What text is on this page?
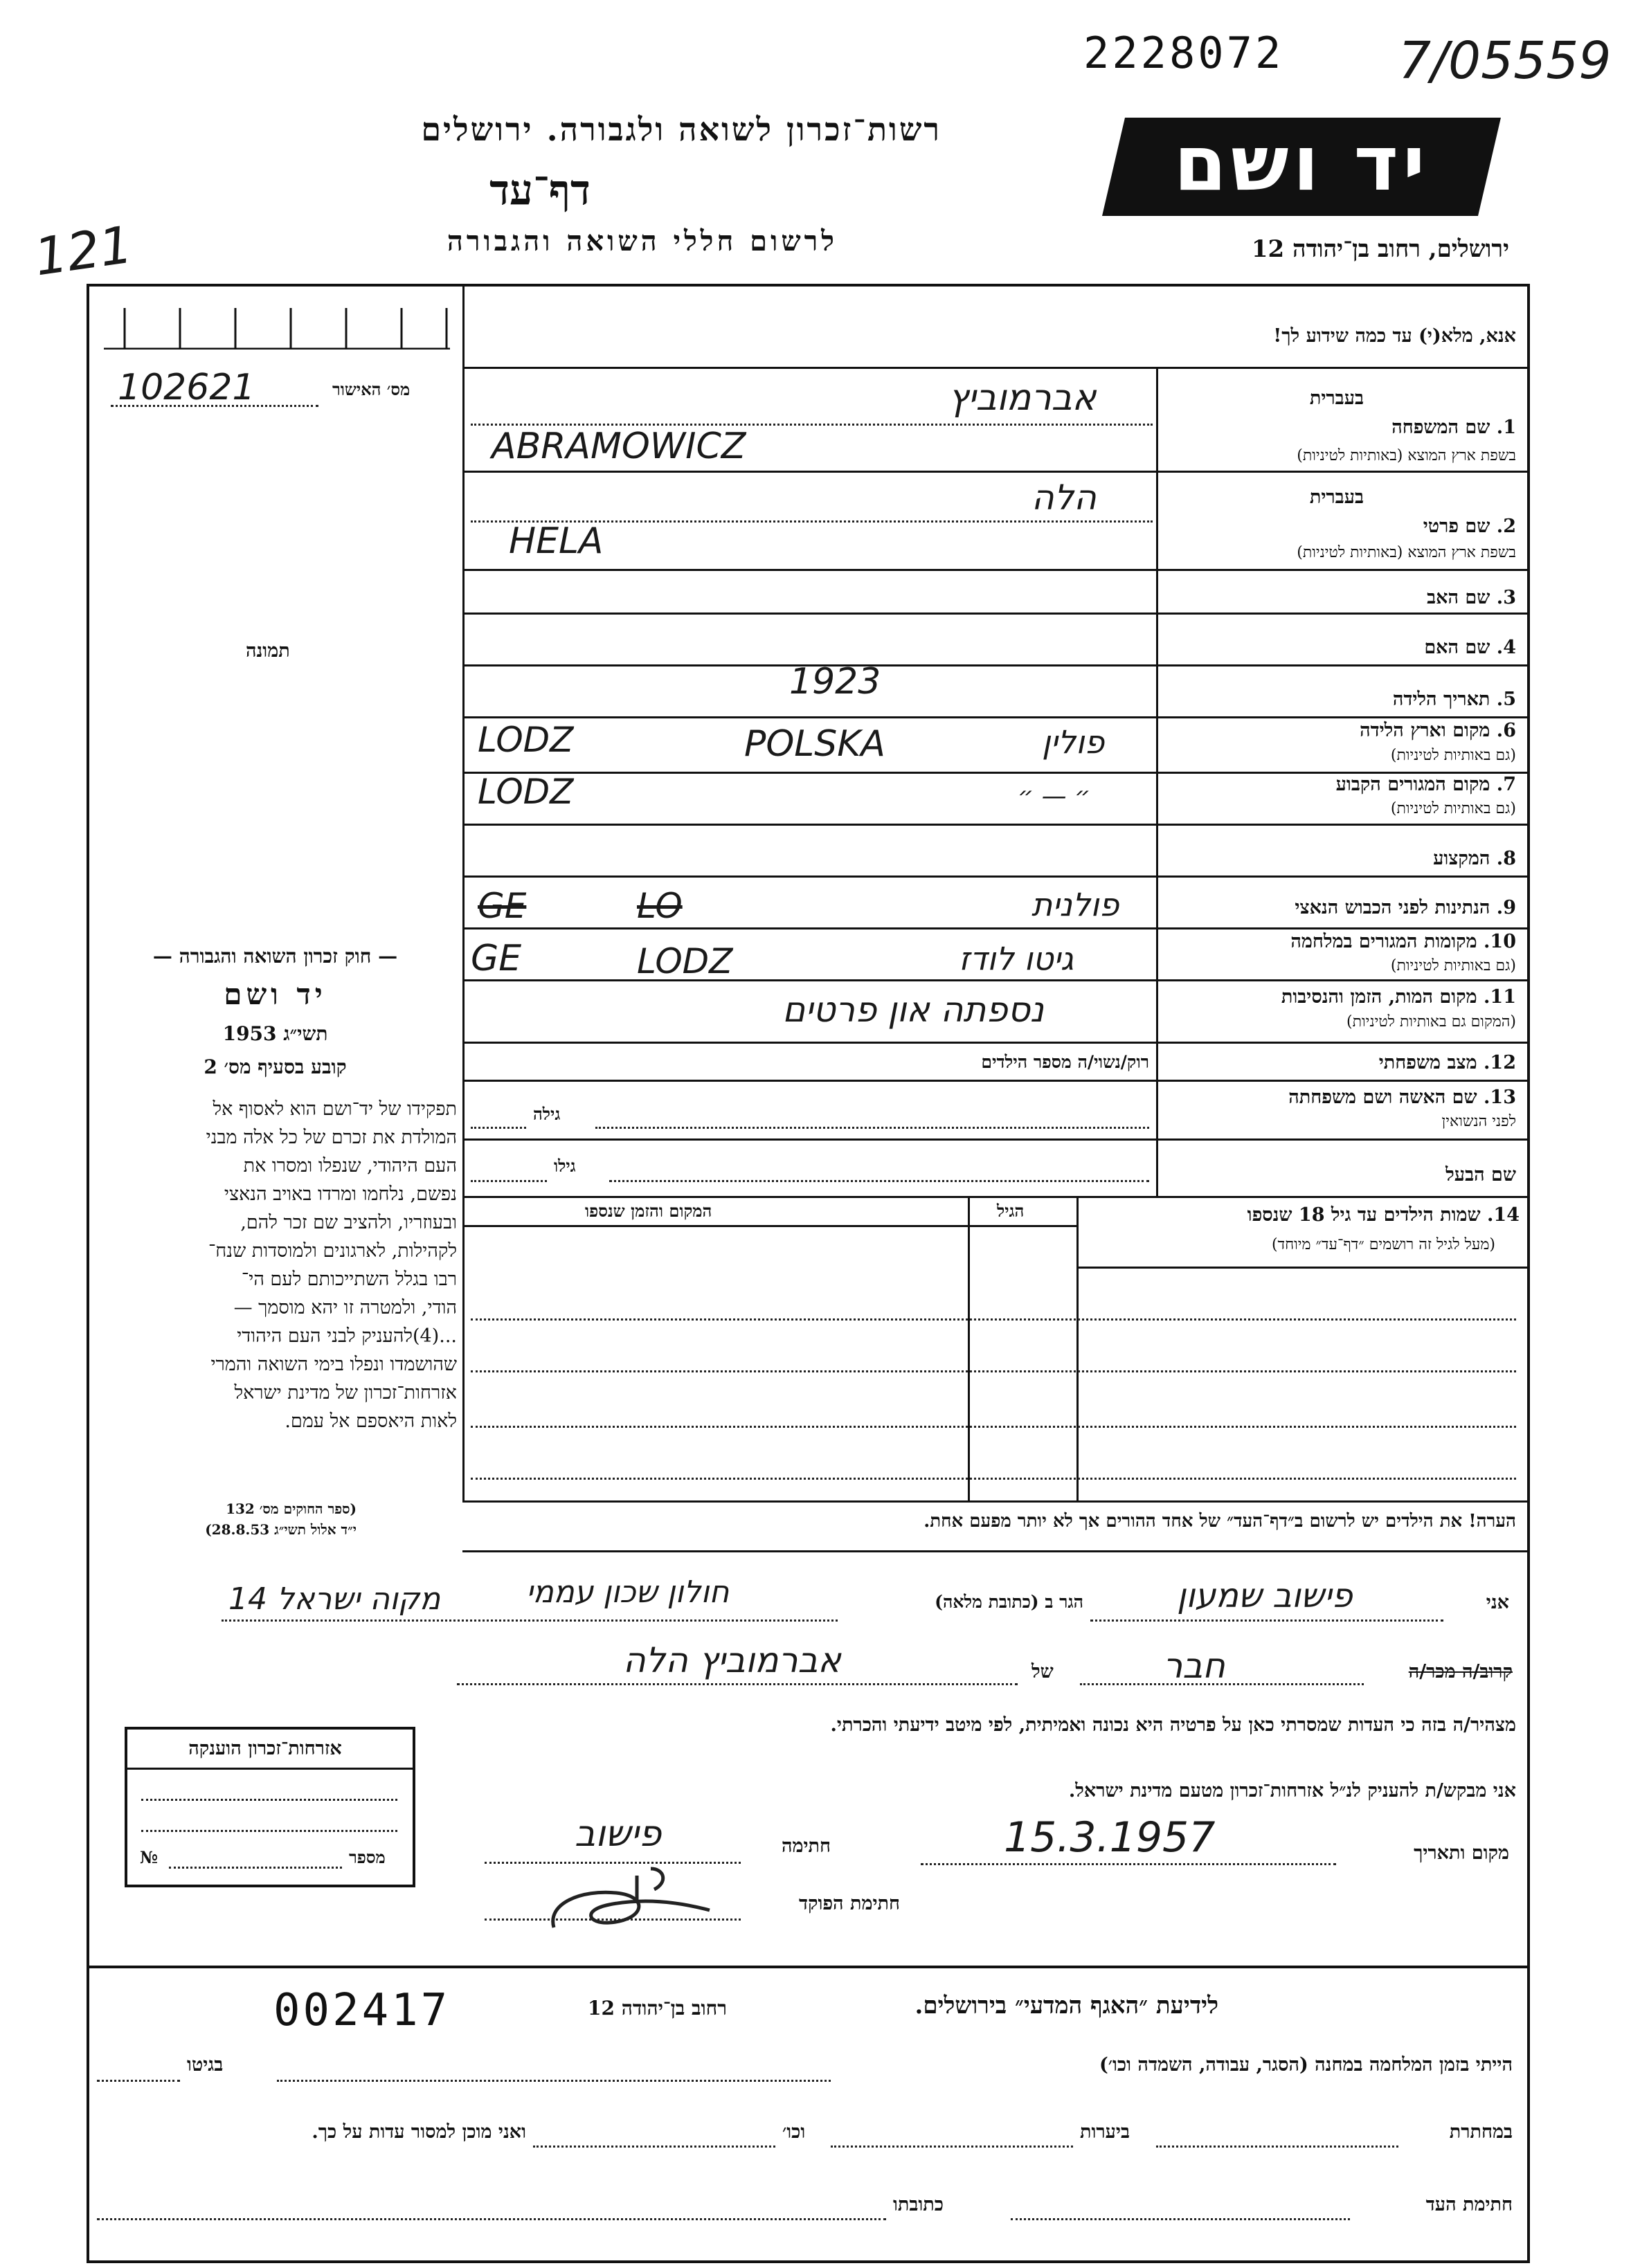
2228072 7/05559
121
רשות־זכרון לשואה ולגבורה. ירושלים
דף־עד
לרשום חללי השואה והגבורה
יד ושם
ירושלים, רחוב בן־יהודה 12
102621	מס׳ האישור
תמונה
— חוק זכרון השואה והגבורה —
יד ושם
תשי״ג 1953
קובע בסעיף מס׳ 2
תפקידו של יד־ושם הוא לאסוף אל
המולדת את זכרם של כל אלה מבני
העם היהודי, שנפלו ומסרו את
נפשם, נלחמו ומרדו באויב הנאצי
ובעוזריו, ולהציב שם זכר להם,
לקהילות, לארגונים ולמוסדות שנח־
רבו בגלל השתייכותם לעם הי־
הודי, ולמטרה זו יהא מוסמך —
...(4)להעניק לבני העם היהודי
שהושמדו ונפלו בימי השואה והמרי
אזרחות־זכרון של מדינת ישראל
לאות היאספם אל עמם.
(ספר החוקים מס׳ 132
י״ד אלול תשי״ג 28.8.53)
אנא, מלא(י) עד כמה שידוע לך!
בעברית
1. שם המשפחה
בשפת ארץ המוצא (באותיות לטיניות)
אברמוביץ
ABRAMOWICZ
בעברית
2. שם פרטי
בשפת ארץ המוצא (באותיות לטיניות)
הלה
HELA
3. שם האב
4. שם האם
5. תאריך הלידה
1923
6. מקום וארץ הלידה
(גם באותיות לטיניות)
LODZ	POLSKA	פולין
7. מקום המגורים הקבוע
(גם באותיות לטיניות)
LODZ	״ — ״
8. המקצוע
9. הנתינות לפני הכבוש הנאצי
GE	LO	פולנית
10. מקומות המגורים במלחמה
(גם באותיות לטיניות)
GE	LODZ	גיטו לודז
11. מקום המות, הזמן והנסיבות
(המקום גם באותיות לטיניות)
נספתה און פרטים
12. מצב משפחתי
רוק/נשוי/ה מספר הילדים
13. שם האשה ושם משפחתה
לפני הנשואין
גילה
שם הבעל
גילו
14. שמות הילדים עד גיל 18 שנספו
(מעל לגיל זה רושמים ״דף־עד״ מיוחד)
הגיל
המקום והזמן שנספו
הערה! את הילדים יש לרשום ב״דף־העד״ של אחד ההורים אך לא יותר מפעם אחת.
אני
פישוב שמעון
הגר ב (כתובת מלאה)
חולון שכון עממי
מקוה ישראל 14
קרוב/ה מכר/ה
חבר
של
אברמוביץ הלה
מצהיר/ה בזה כי העדות שמסרתי כאן על פרטיה היא נכונה ואמיתית, לפי מיטב ידיעתי והכרתי.
אני מבקש/ת להעניק לנ״ל אזרחות־זכרון מטעם מדינת ישראל.
מקום ותאריך
15.3.1957
חתימה
פישוב
חתימת הפוקד
אזרחות־זכרון הוענקה
מספר
№
002417	רחוב בן־יהודה 12	לידיעת ״האגף המדעי״ בירושלים.
הייתי בזמן המלחמה במחנה (הסגר, עבודה, השמדה וכו׳)
בגיטו
במחתרת
ביערות
וכו׳
ואני מוכן למסור עדות על כך.
חתימת העד
כתובתו
